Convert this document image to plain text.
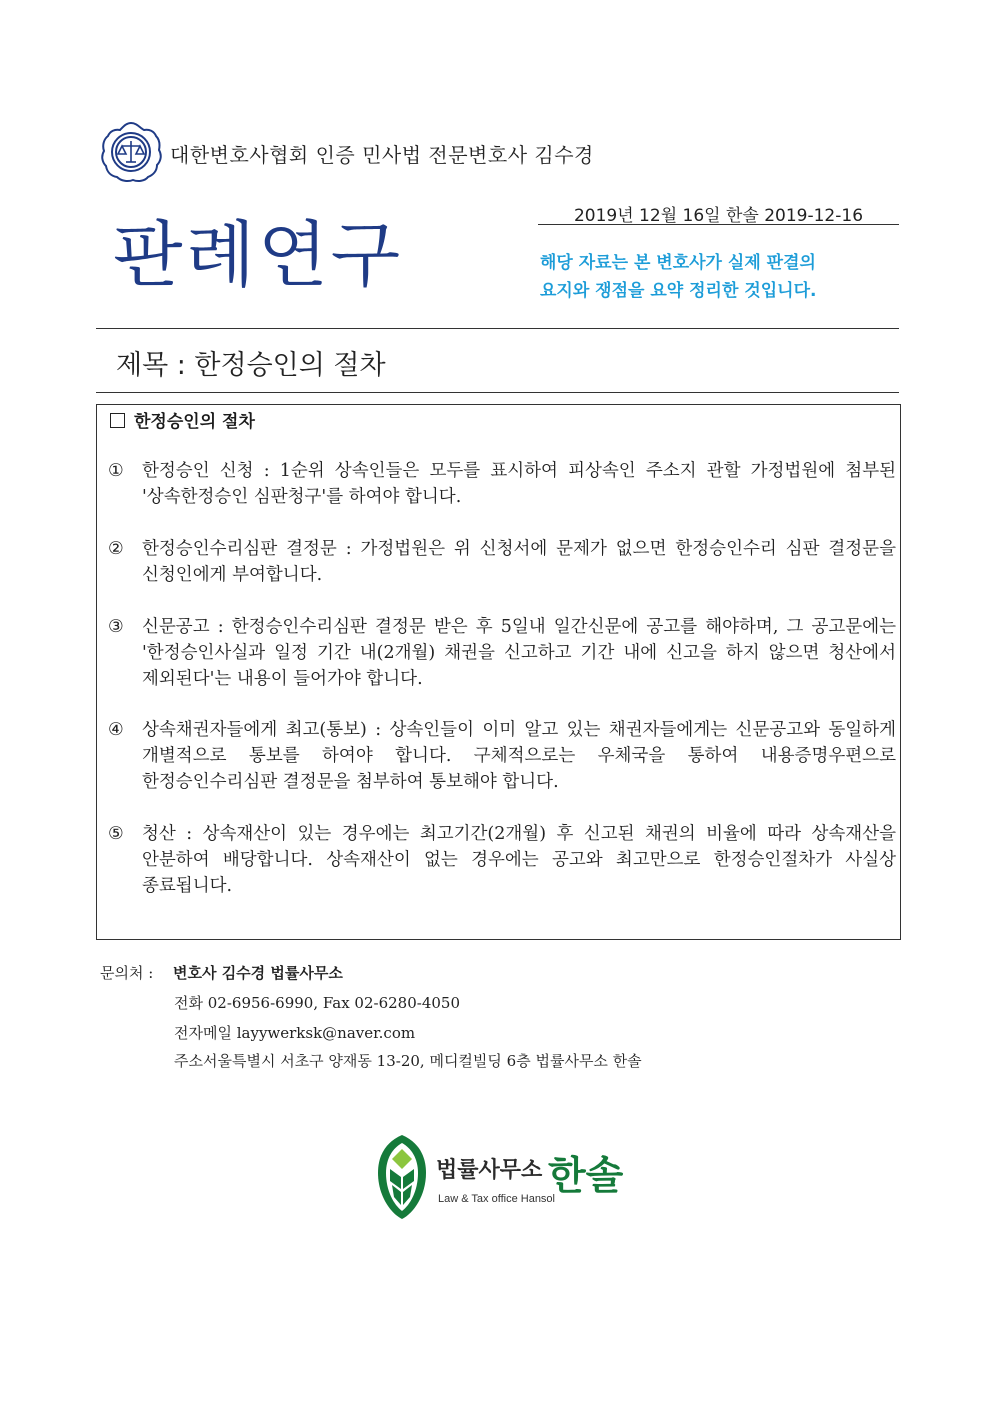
대한변호사협회 인증 민사법 전문변호사 김수경
2019년 12월 16일 한솔 2019-12-16
판례연구	해당 자료는 본 변호사가 실제 판결의
요지와 쟁점을 요약 정리한 것입니다.
제목 : 한정승인의 절차
한정승인의 절차
① 한정승인 신청 : 1순위 상속인들은 모두를 표시하여 피상속인 주소지 관할 가정법원에 첨부된 '상속한정승인 심판청구'를 하여야 합니다.
② 한정승인수리심판 결정문 : 가정법원은 위 신청서에 문제가 없으면 한정승인수리 심판 결정문을 신청인에게 부여합니다.
③ 신문공고 : 한정승인수리심판 결정문 받은 후 5일내 일간신문에 공고를 해야하며, 그 공고문에는 '한정승인사실과 일정 기간 내(2개월) 채권을 신고하고 기간 내에 신고을 하지 않으면 청산에서 제외된다'는 내용이 들어가야 합니다.
④ 상속채권자들에게 최고(통보) : 상속인들이 이미 알고 있는 채권자들에게는 신문공고와 동일하게 개별적으로 통보를 하여야 합니다. 구체적으로는 우체국을 통하여 내용증명우편으로 한정승인수리심판 결정문을 첨부하여 통보해야 합니다.
⑤ 청산 : 상속재산이 있는 경우에는 최고기간(2개월) 후 신고된 채권의 비율에 따라 상속재산을 안분하여 배당합니다. 상속재산이 없는 경우에는 공고와 최고만으로 한정승인절차가 사실상 종료됩니다.
문의처 : 변호사 김수경 법률사무소
전화 02-6956-6990, Fax 02-6280-4050
전자메일 layywerksk@naver.com
주소서울특별시 서초구 양재동 13-20, 메디컬빌딩 6층 법률사무소 한솔
법률사무소 한솔
Law & Tax office Hansol
